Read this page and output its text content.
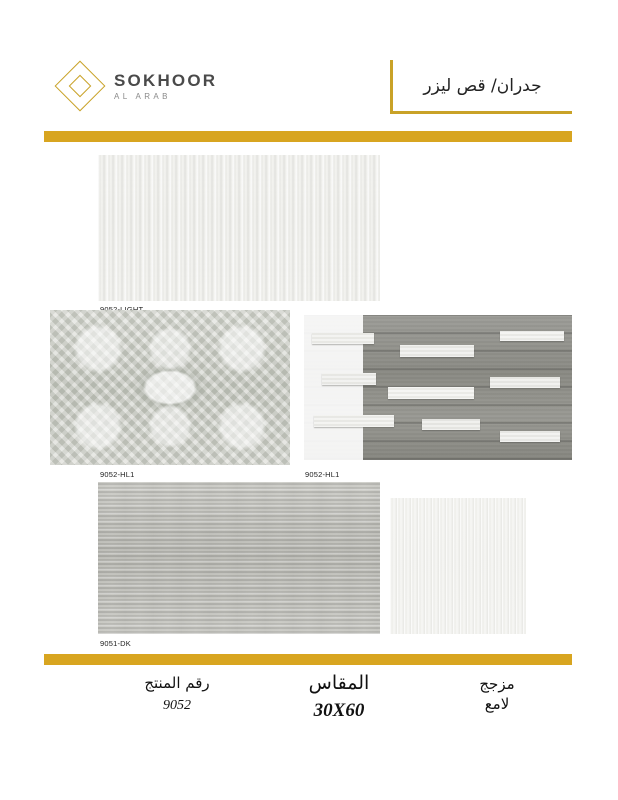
SOKHOOR
AL ARAB
جدران/ قص ليزر
9052-HL1	9052-HL1
9051-DK
رقم المنتج
9052
المقاس
30X60
مزجج
لامع
